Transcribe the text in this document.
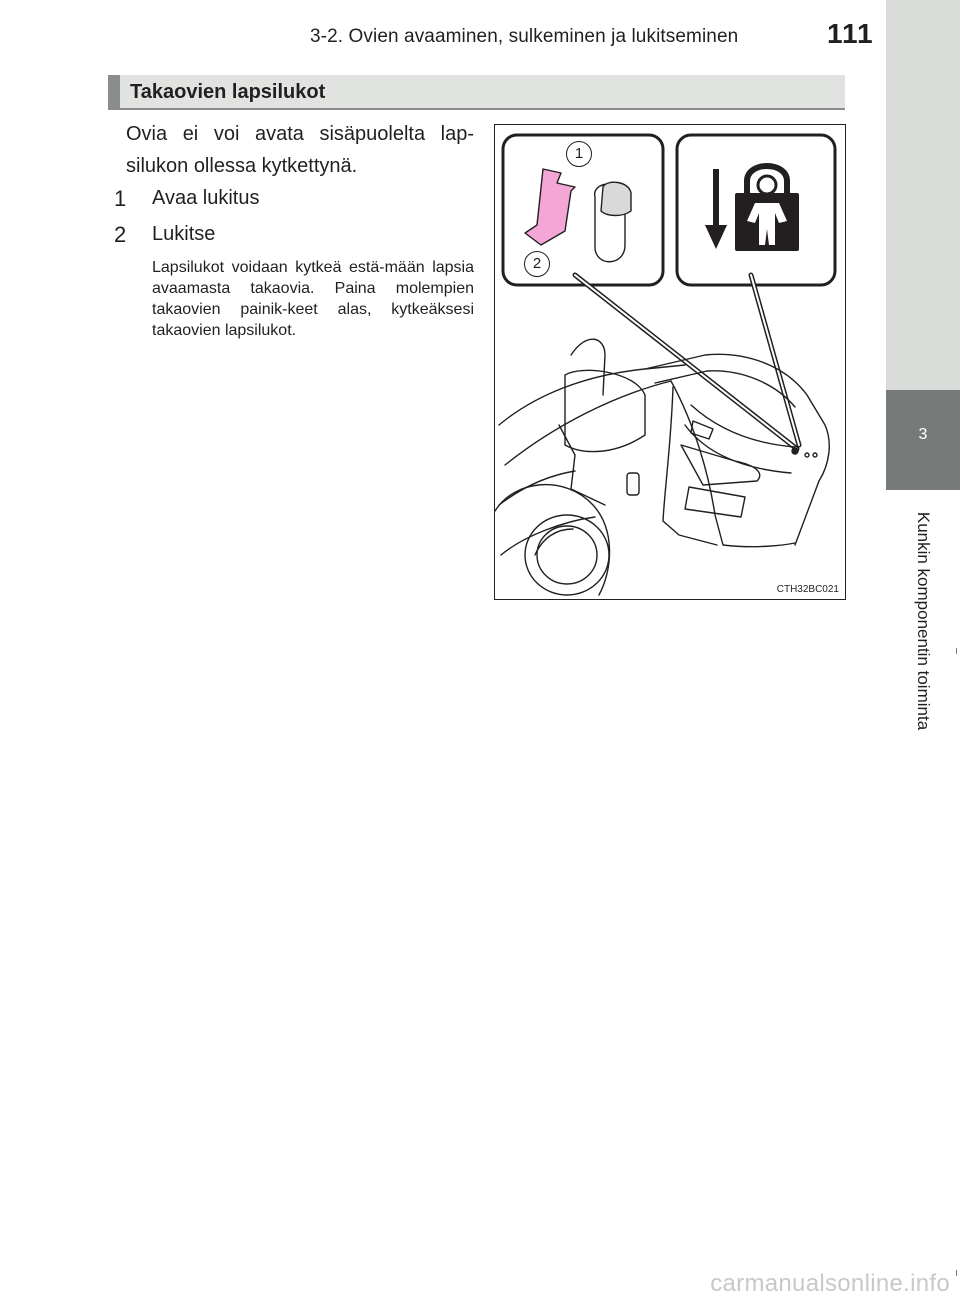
3-2. Ovien avaaminen, sulkeminen ja lukitseminen	111
3
Kunkin komponentin toiminta
Takaovien lapsilukot
Ovia ei voi avata sisäpuolelta lap-silukon ollessa kytkettynä.
1 Avaa lukitus
2 Lukitse
Lapsilukot voidaan kytkeä estä-mään lapsia avaamasta takaovia. Paina molempien takaovien painik-keet alas, kytkeäksesi takaovien lapsilukot.
1
2
CTH32BC021
carmanualsonline.info
